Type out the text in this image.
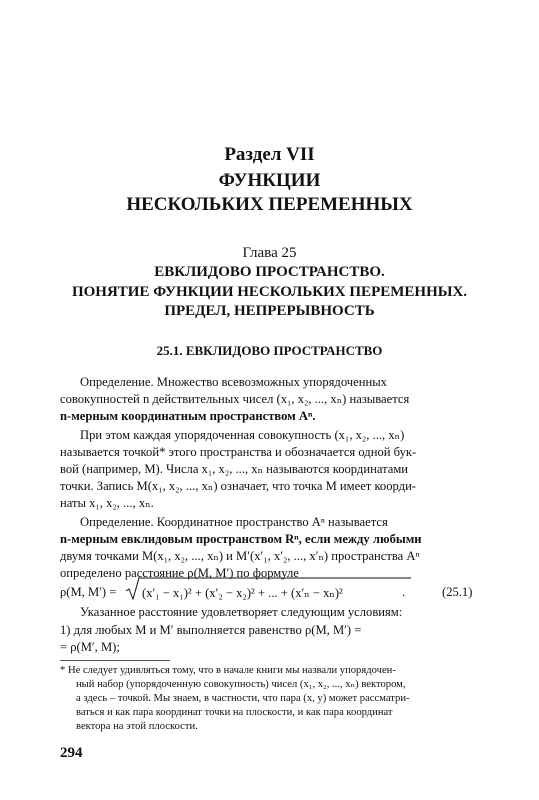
Раздел VII
ФУНКЦИИ
НЕСКОЛЬКИХ ПЕРЕМЕННЫХ
Глава 25
ЕВКЛИДОВО ПРОСТРАНСТВО.
ПОНЯТИЕ ФУНКЦИИ НЕСКОЛЬКИХ ПЕРЕМЕННЫХ.
ПРЕДЕЛ, НЕПРЕРЫВНОСТЬ
25.1. ЕВКЛИДОВО ПРОСТРАНСТВО
Определение. Множество всевозможных упорядоченных
совокупностей n действительных чисел (x₁, x₂, ..., xₙ) называется
n-мерным координатным пространством Aⁿ.
При этом каждая упорядоченная совокупность (x₁, x₂, ..., xₙ)
называется точкой* этого пространства и обозначается одной бук-
вой (например, M). Числа x₁, x₂, ..., xₙ называются координатами
точки. Запись M(x₁, x₂, ..., xₙ) означает, что точка M имеет коорди-
наты x₁, x₂, ..., xₙ.
Определение. Координатное пространство Aⁿ называется
n-мерным евклидовым пространством Rⁿ, если между любыми
двумя точками M(x₁, x₂, ..., xₙ) и M′(x′₁, x′₂, ..., x′ₙ) пространства Aⁿ
определено расстояние ρ(M, M′) по формуле
ρ(M, M′) = (x′₁ − x₁)² + (x′₂ − x₂)² + ... + (x′ₙ − xₙ)²	.	(25.1)
Указанное расстояние удовлетворяет следующим условиям:
1) для любых M и M′ выполняется равенство ρ(M, M′) =
= ρ(M′, M);
* Не следует удивляться тому, что в начале книги мы назвали упорядочен-
ный набор (упорядоченную совокупность) чисел (x₁, x₂, ..., xₙ) вектором,
а здесь – точкой. Мы знаем, в частности, что пара (x, y) может рассматри-
ваться и как пара координат точки на плоскости, и как пара координат
вектора на этой плоскости.
294
